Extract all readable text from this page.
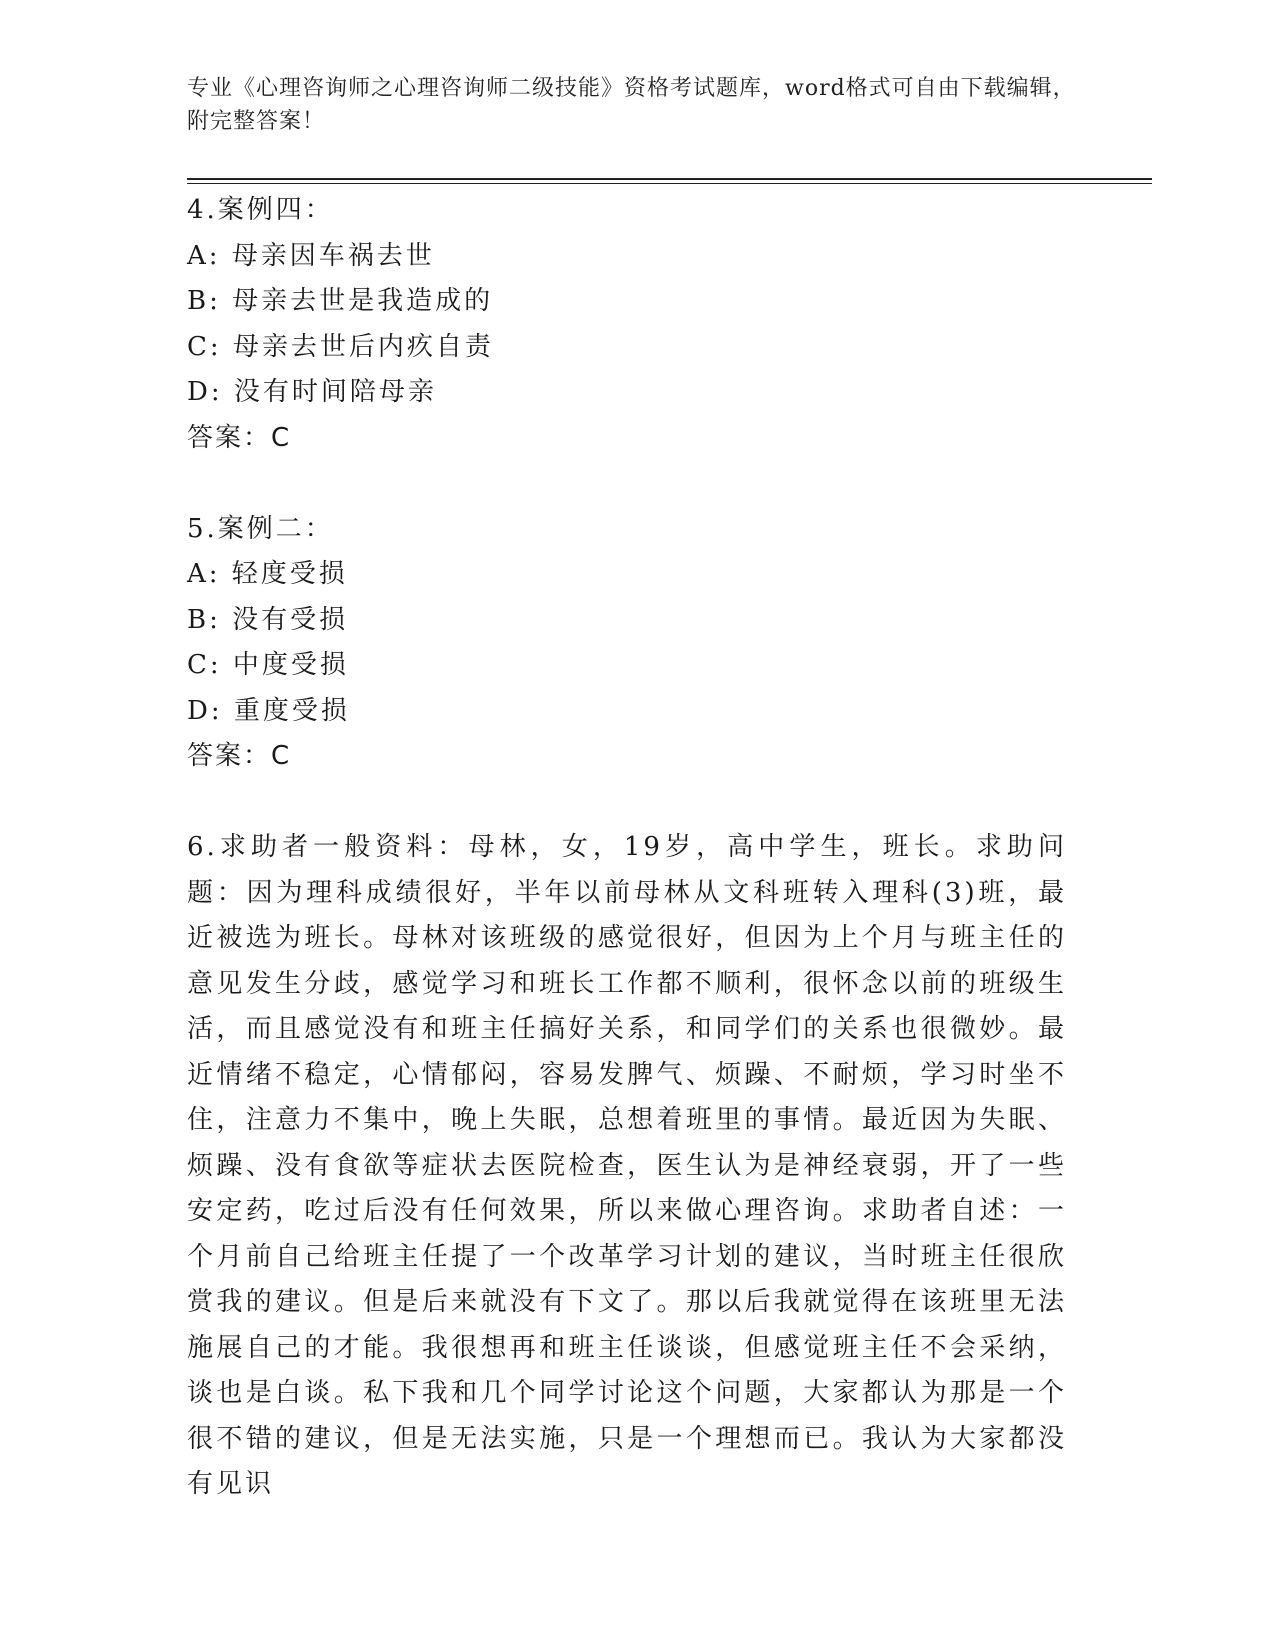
专业《心理咨询师之心理咨询师二级技能》资格考试题库，word格式可自由下载编辑，附完整答案！
4.案例四：
A: 母亲因车祸去世
B: 母亲去世是我造成的
C: 母亲去世后内疚自责
D: 没有时间陪母亲
答案：C
5.案例二：
A: 轻度受损
B: 没有受损
C: 中度受损
D: 重度受损
答案：C
6.求助者一般资料：母林，女，19岁，高中学生，班长。求助问题：因为理科成绩很好，半年以前母林从文科班转入理科(3)班，最近被选为班长。母林对该班级的感觉很好，但因为上个月与班主任的意见发生分歧，感觉学习和班长工作都不顺利，很怀念以前的班级生活，而且感觉没有和班主任搞好关系，和同学们的关系也很微妙。最近情绪不稳定，心情郁闷，容易发脾气、烦躁、不耐烦，学习时坐不住，注意力不集中，晚上失眠，总想着班里的事情。最近因为失眠、烦躁、没有食欲等症状去医院检查，医生认为是神经衰弱，开了一些安定药，吃过后没有任何效果，所以来做心理咨询。求助者自述：一个月前自己给班主任提了一个改革学习计划的建议，当时班主任很欣赏我的建议。但是后来就没有下文了。那以后我就觉得在该班里无法施展自己的才能。我很想再和班主任谈谈，但感觉班主任不会采纳，谈也是白谈。私下我和几个同学讨论这个问题，大家都认为那是一个很不错的建议，但是无法实施，只是一个理想而已。我认为大家都没有见识
